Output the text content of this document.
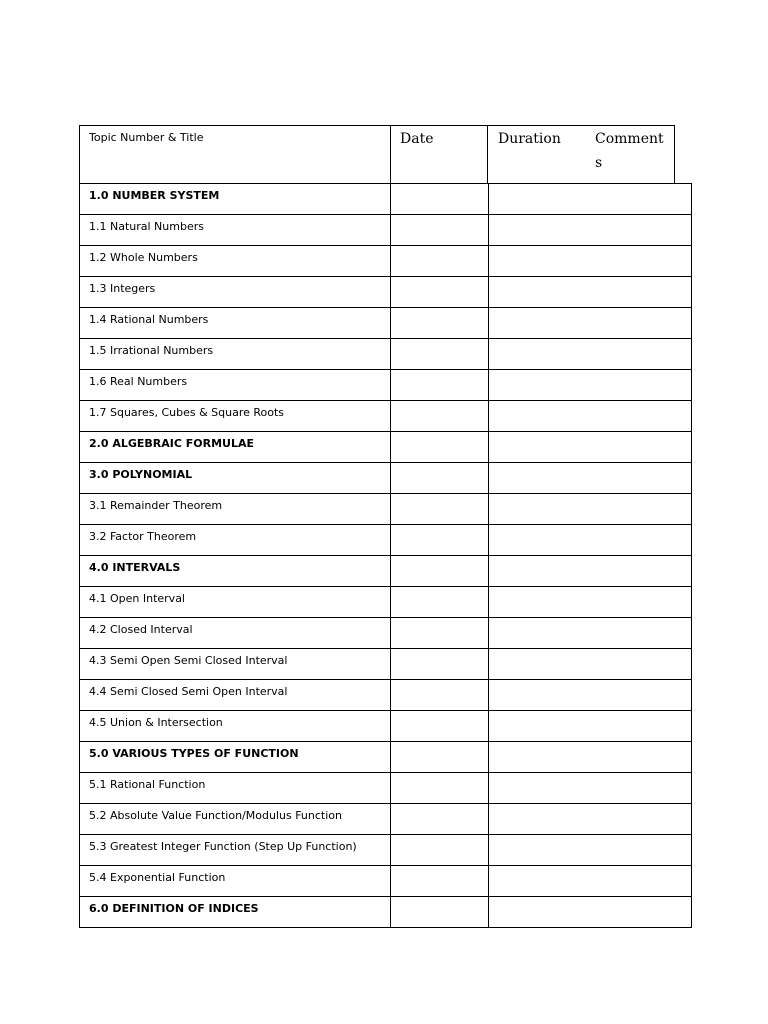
Topic Number & Title	Date	Duration Comments
1.0 NUMBER SYSTEM		

1.1 Natural Numbers		

1.2 Whole Numbers		

1.3 Integers		

1.4 Rational Numbers		

1.5 Irrational Numbers		

1.6 Real Numbers		

1.7 Squares, Cubes & Square Roots		

2.0 ALGEBRAIC FORMULAE		

3.0 POLYNOMIAL		

3.1 Remainder Theorem		

3.2 Factor Theorem		

4.0 INTERVALS		

4.1 Open Interval		

4.2 Closed Interval		

4.3 Semi Open Semi Closed Interval		

4.4 Semi Closed Semi Open Interval		

4.5 Union & Intersection		

5.0 VARIOUS TYPES OF FUNCTION		

5.1 Rational Function		

5.2 Absolute Value Function/Modulus Function		

5.3 Greatest Integer Function (Step Up Function)		

5.4 Exponential Function		

6.0 DEFINITION OF INDICES		
